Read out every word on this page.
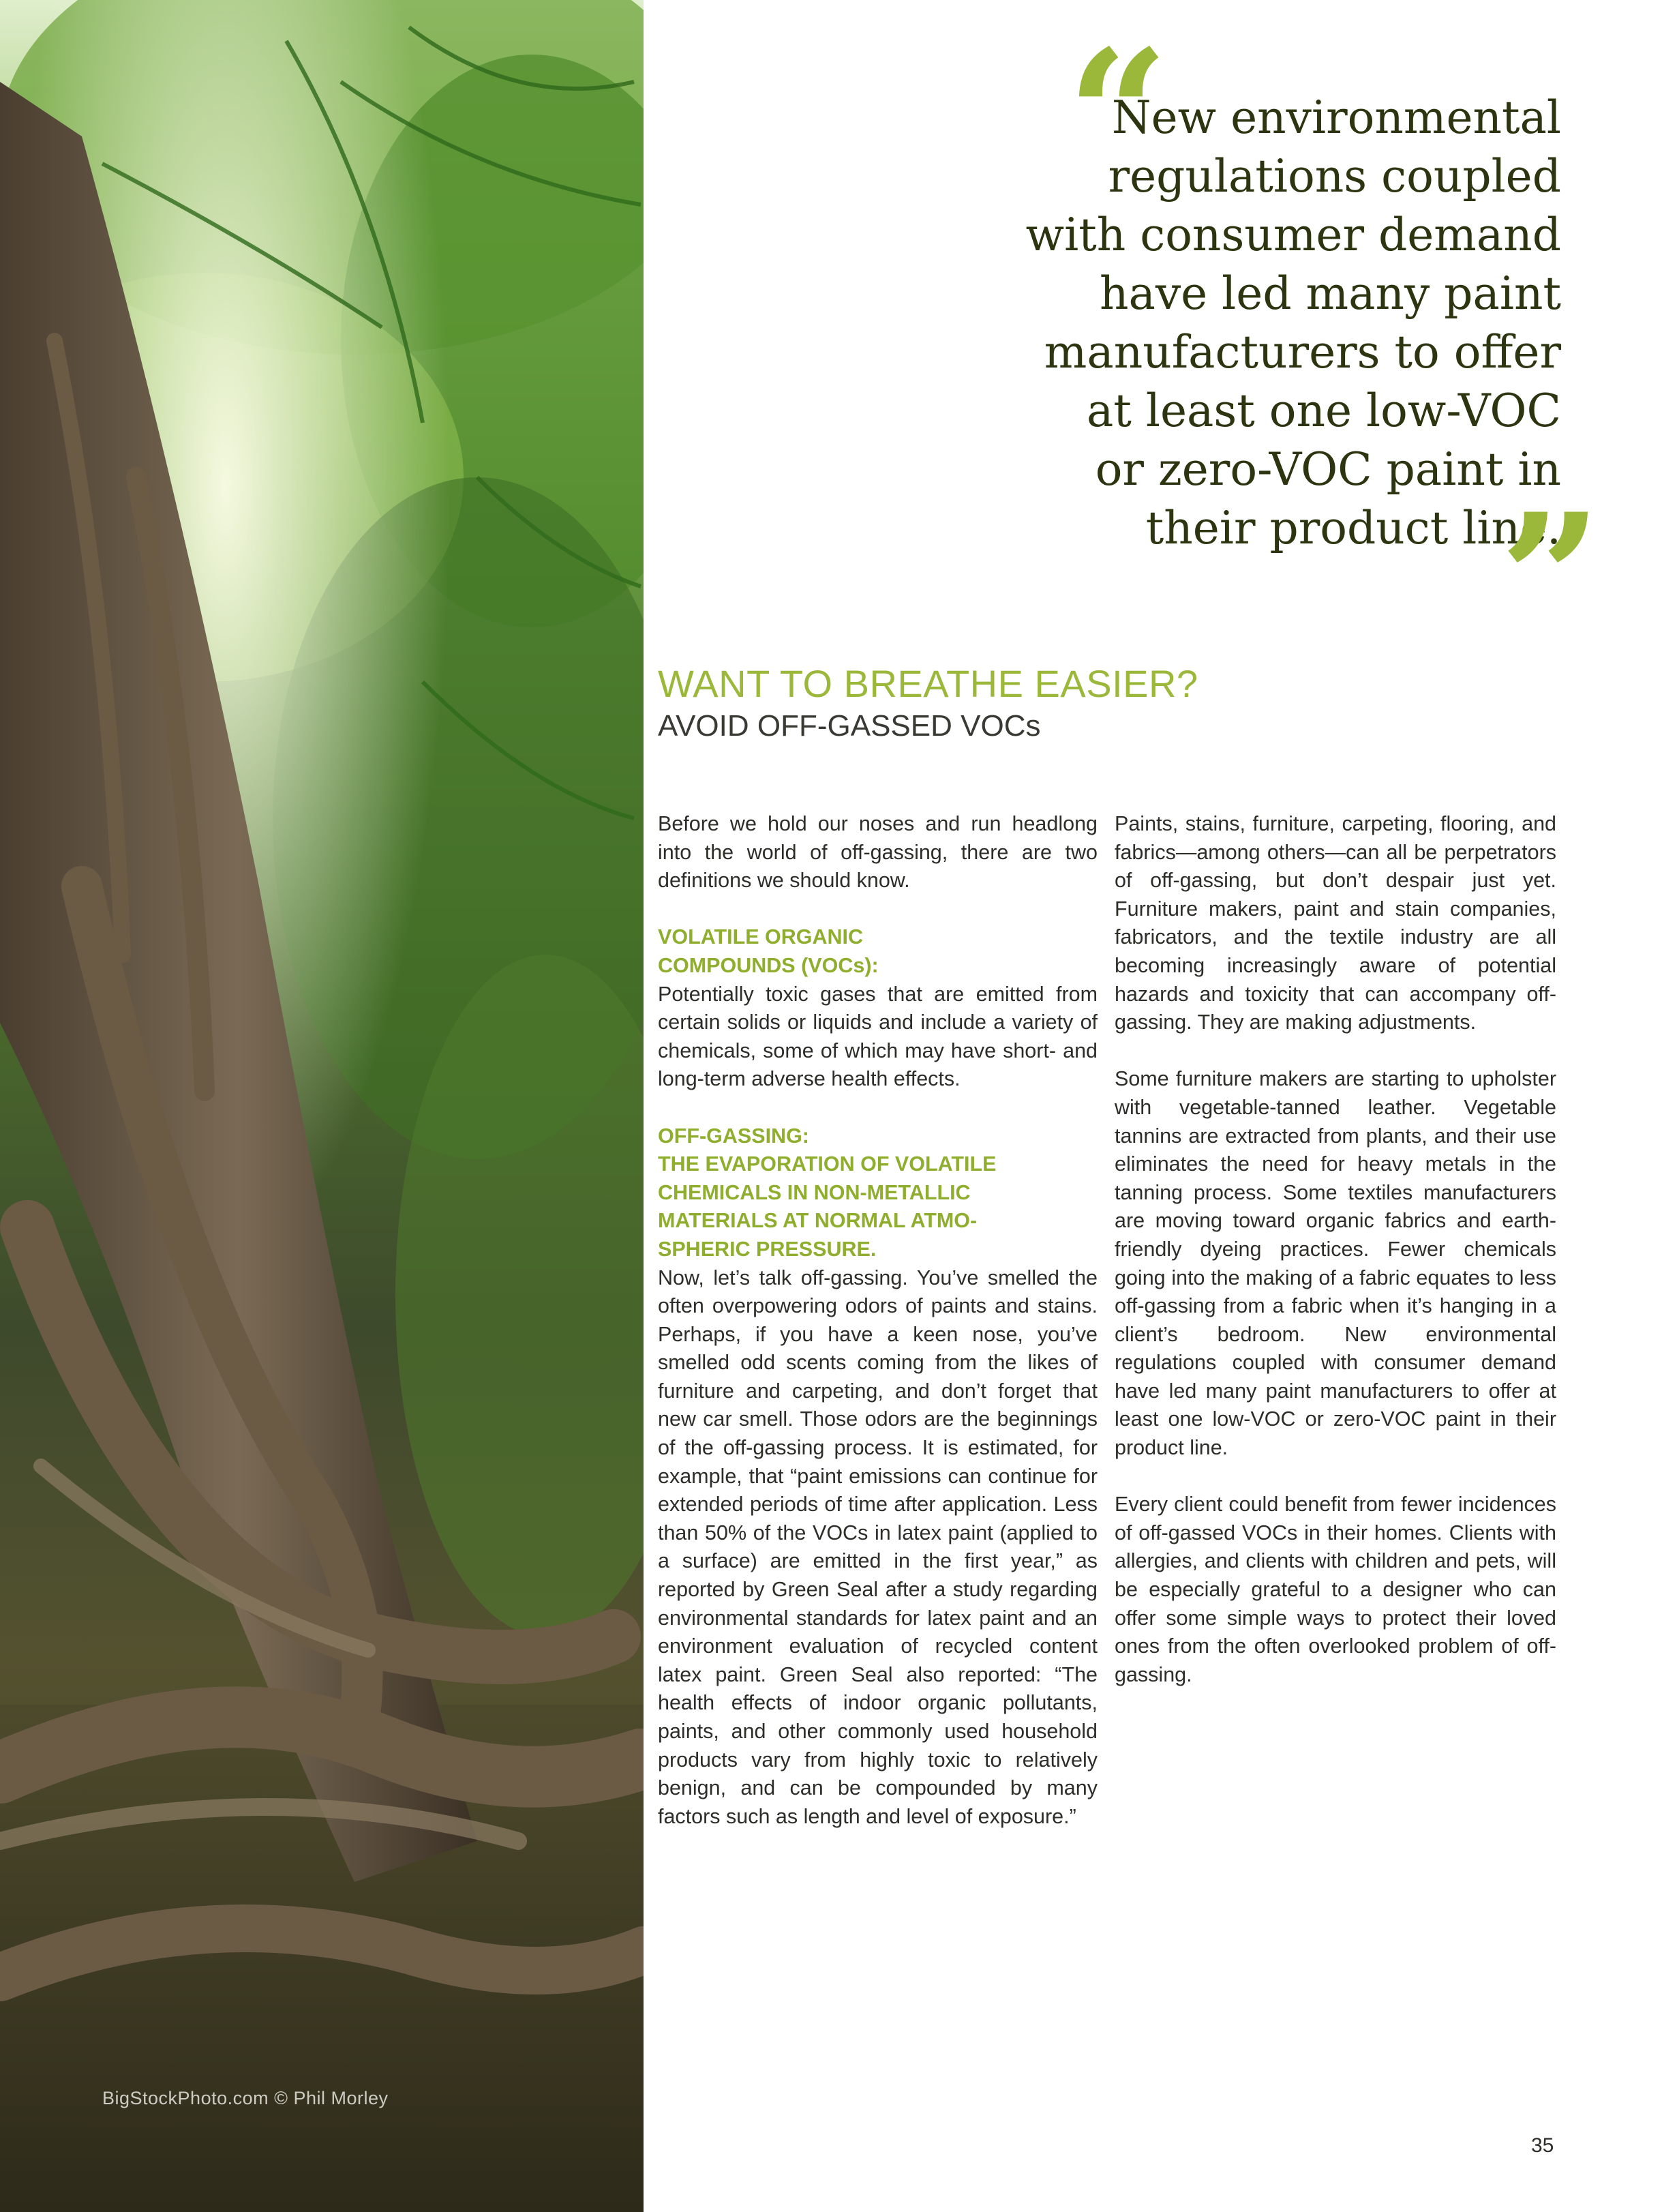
BigStockPhoto.com © Phil Morley
“
New environmental
regulations coupled
with consumer demand
have led many paint
manufacturers to offer
at least one low-VOC
or zero-VOC paint in
their product line.
”
WANT TO BREATHE EASIER?
AVOID OFF-GASSED VOCs

Before we hold our noses and run headlong into the world of off-gassing, there are two definitions we should know.

VOLATILE ORGANIC
COMPOUNDS (VOCs):

Potentially toxic gases that are emitted from certain solids or liquids and include a variety of chemicals, some of which may have short- and long-term adverse health effects.

OFF-GASSING:
THE EVAPORATION OF VOLATILE
CHEMICALS IN NON-METALLIC
MATERIALS AT NORMAL ATMO-
SPHERIC PRESSURE.

Now, let’s talk off-gassing. You’ve smelled the often overpowering odors of paints and stains. Perhaps, if you have a keen nose, you’ve smelled odd scents coming from the likes of furniture and carpeting, and don’t forget that new car smell. Those odors are the beginnings of the off-gassing process. It is estimated, for example, that “paint emissions can continue for extended periods of time after application. Less than 50% of the VOCs in latex paint (applied to a surface) are emitted in the first year,” as reported by Green Seal after a study regarding environmental standards for latex paint and an environment evaluation of recycled content latex paint. Green Seal also reported: “The health effects of indoor organic pollutants, paints, and other commonly used household products vary from highly toxic to relatively benign, and can be compounded by many factors such as length and level of exposure.”

Paints, stains, furniture, carpeting, flooring, and fabrics—among others—can all be perpetrators of off-gassing, but don’t despair just yet. Furniture makers, paint and stain companies, fabricators, and the textile industry are all becoming increasingly aware of potential hazards and toxicity that can accompany off-gassing. They are making adjustments.

Some furniture makers are starting to upholster with vegetable-tanned leather. Vegetable tannins are extracted from plants, and their use eliminates the need for heavy metals in the tanning process. Some textiles manufacturers are moving toward organic fabrics and earth-friendly dyeing practices. Fewer chemicals going into the making of a fabric equates to less off-gassing from a fabric when it’s hanging in a client’s bedroom. New environmental regulations coupled with consumer demand have led many paint manufacturers to offer at least one low-VOC or zero-VOC paint in their product line.

Every client could benefit from fewer incidences of off-gassed VOCs in their homes. Clients with allergies, and clients with children and pets, will be especially grateful to a designer who can offer some simple ways to protect their loved ones from the often overlooked problem of off-gassing.

35
